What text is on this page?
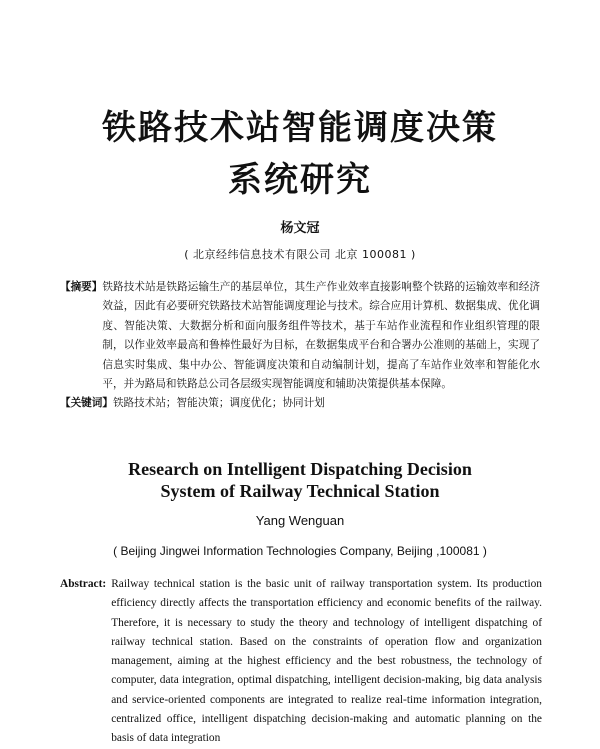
铁路技术站智能调度决策
系统研究
杨文冠
( 北京经纬信息技术有限公司 北京 100081 )
【摘要】 铁路技术站是铁路运输生产的基层单位，其生产作业效率直接影响整个铁路的运输效率和经济效益，因此有必要研究铁路技术站智能调度理论与技术。综合应用计算机、数据集成、优化调度、智能决策、大数据分析和面向服务组件等技术，基于车站作业流程和作业组织管理的限制，以作业效率最高和鲁棒性最好为目标，在数据集成平台和合署办公准则的基础上，实现了信息实时集成、集中办公、智能调度决策和自动编制计划，提高了车站作业效率和智能化水平，并为路局和铁路总公司各层级实现智能调度和辅助决策提供基本保障。
【关键词】 铁路技术站；智能决策；调度优化；协同计划
Research on Intelligent Dispatching Decision
System of Railway Technical Station
Yang Wenguan
( Beijing Jingwei Information Technologies Company, Beijing ,100081 )
Abstract: Railway technical station is the basic unit of railway transportation system. Its production efficiency directly affects the transportation efficiency and economic benefits of the railway. Therefore, it is necessary to study the theory and technology of intelligent dispatching of railway technical station. Based on the constraints of operation flow and organization management, aiming at the highest efficiency and the best robustness, the technology of computer, data integration, optimal dispatching, intelligent decision-making, big data analysis and service-oriented components are integrated to realize real-time information integration, centralized office, intelligent dispatching decision-making and automatic planning on the basis of data integration
